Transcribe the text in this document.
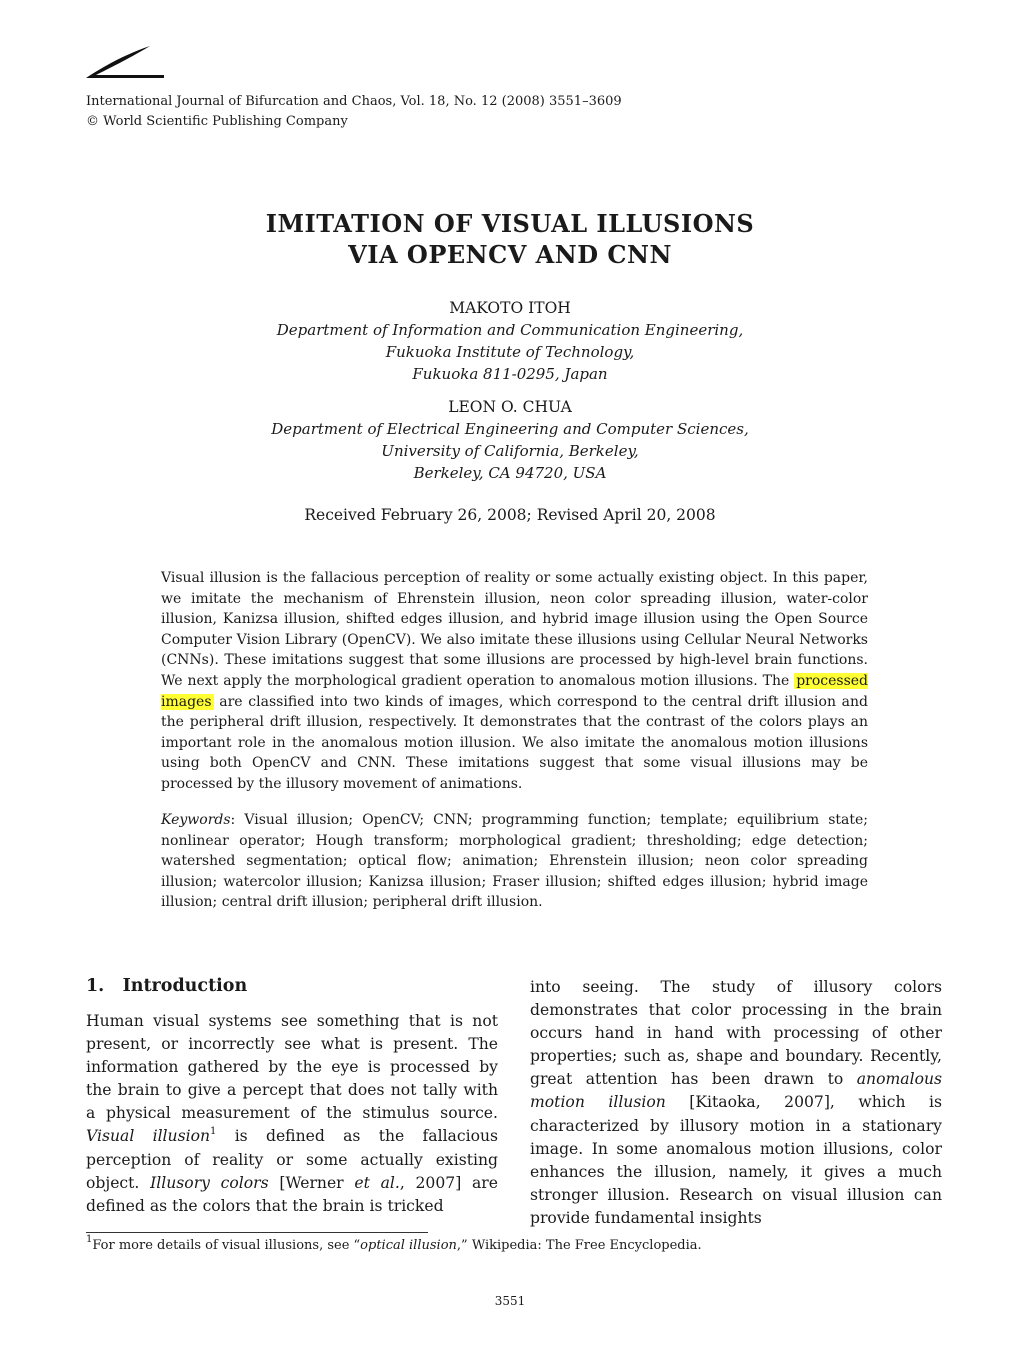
International Journal of Bifurcation and Chaos, Vol. 18, No. 12 (2008) 3551–3609
© World Scientific Publishing Company
IMITATION OF VISUAL ILLUSIONS
VIA OPENCV AND CNN
MAKOTO ITOH
Department of Information and Communication Engineering,
Fukuoka Institute of Technology,
Fukuoka 811-0295, Japan
LEON O. CHUA
Department of Electrical Engineering and Computer Sciences,
University of California, Berkeley,
Berkeley, CA 94720, USA
Received February 26, 2008; Revised April 20, 2008
Visual illusion is the fallacious perception of reality or some actually existing object. In this paper, we imitate the mechanism of Ehrenstein illusion, neon color spreading illusion, water-color illusion, Kanizsa illusion, shifted edges illusion, and hybrid image illusion using the Open Source Computer Vision Library (OpenCV). We also imitate these illusions using Cellular Neural Networks (CNNs). These imitations suggest that some illusions are processed by high-level brain functions. We next apply the morphological gradient operation to anomalous motion illusions. The processed images are classified into two kinds of images, which correspond to the central drift illusion and the peripheral drift illusion, respectively. It demonstrates that the contrast of the colors plays an important role in the anomalous motion illusion. We also imitate the anomalous motion illusions using both OpenCV and CNN. These imitations suggest that some visual illusions may be processed by the illusory movement of animations.
Keywords: Visual illusion; OpenCV; CNN; programming function; template; equilibrium state; nonlinear operator; Hough transform; morphological gradient; thresholding; edge detection; watershed segmentation; optical flow; animation; Ehrenstein illusion; neon color spreading illusion; watercolor illusion; Kanizsa illusion; Fraser illusion; shifted edges illusion; hybrid image illusion; central drift illusion; peripheral drift illusion.
1. Introduction
Human visual systems see something that is not present, or incorrectly see what is present. The information gathered by the eye is processed by the brain to give a percept that does not tally with a physical measurement of the stimulus source. Visual illusion$^1$ is defined as the fallacious perception of reality or some actually existing object. Illusory colors [Werner et al., 2007] are defined as the colors that the brain is tricked
into seeing. The study of illusory colors demonstrates that color processing in the brain occurs hand in hand with processing of other properties; such as, shape and boundary. Recently, great attention has been drawn to anomalous motion illusion [Kitaoka, 2007], which is characterized by illusory motion in a stationary image. In some anomalous motion illusions, color enhances the illusion, namely, it gives a much stronger illusion. Research on visual illusion can provide fundamental insights
$^1$For more details of visual illusions, see “optical illusion,” Wikipedia: The Free Encyclopedia.
3551
